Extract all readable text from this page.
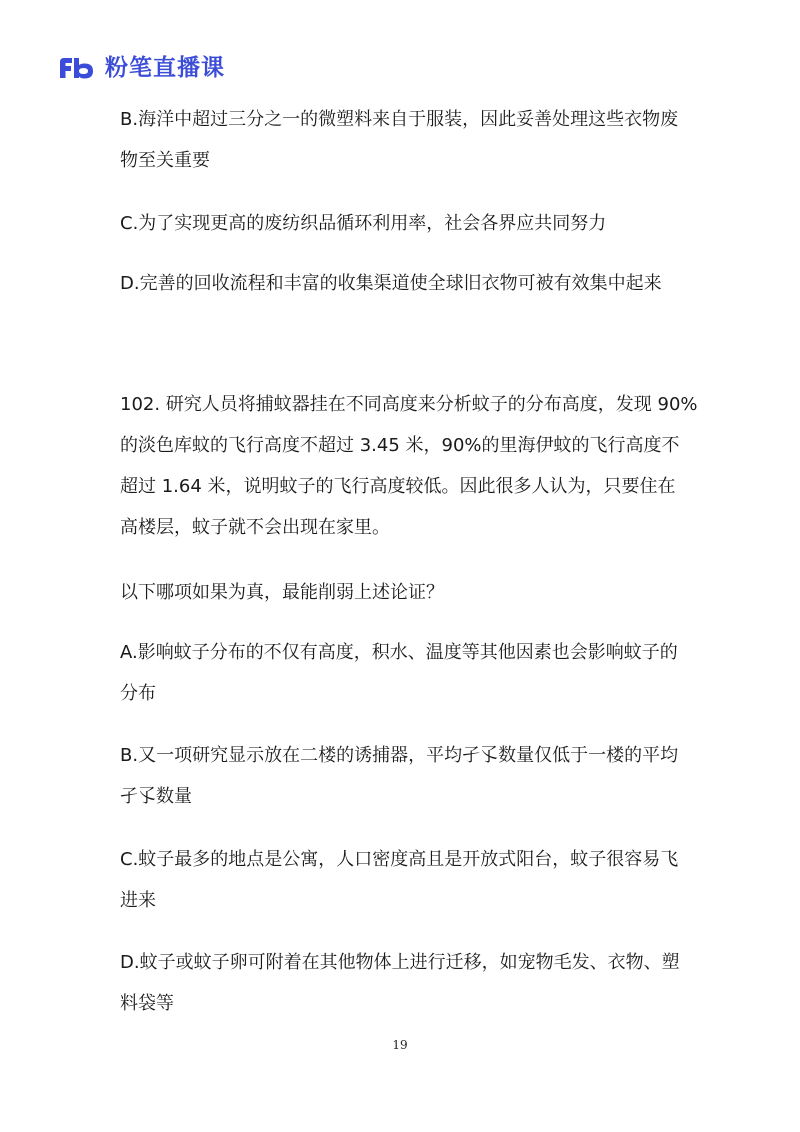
粉笔直播课
B.海洋中超过三分之一的微塑料来自于服装，因此妥善处理这些衣物废
物至关重要
C.为了实现更高的废纺织品循环利用率，社会各界应共同努力
D.完善的回收流程和丰富的收集渠道使全球旧衣物可被有效集中起来
102. 研究人员将捕蚊器挂在不同高度来分析蚊子的分布高度，发现 90%
的淡色库蚊的飞行高度不超过 3.45 米，90%的里海伊蚊的飞行高度不
超过 1.64 米，说明蚊子的飞行高度较低。因此很多人认为，只要住在
高楼层，蚊子就不会出现在家里。
以下哪项如果为真，最能削弱上述论证？
A.影响蚊子分布的不仅有高度，积水、温度等其他因素也会影响蚊子的
分布
B.又一项研究显示放在二楼的诱捕器，平均孑孓数量仅低于一楼的平均
孑孓数量
C.蚊子最多的地点是公寓，人口密度高且是开放式阳台，蚊子很容易飞
进来
D.蚊子或蚊子卵可附着在其他物体上进行迁移，如宠物毛发、衣物、塑
料袋等
19
